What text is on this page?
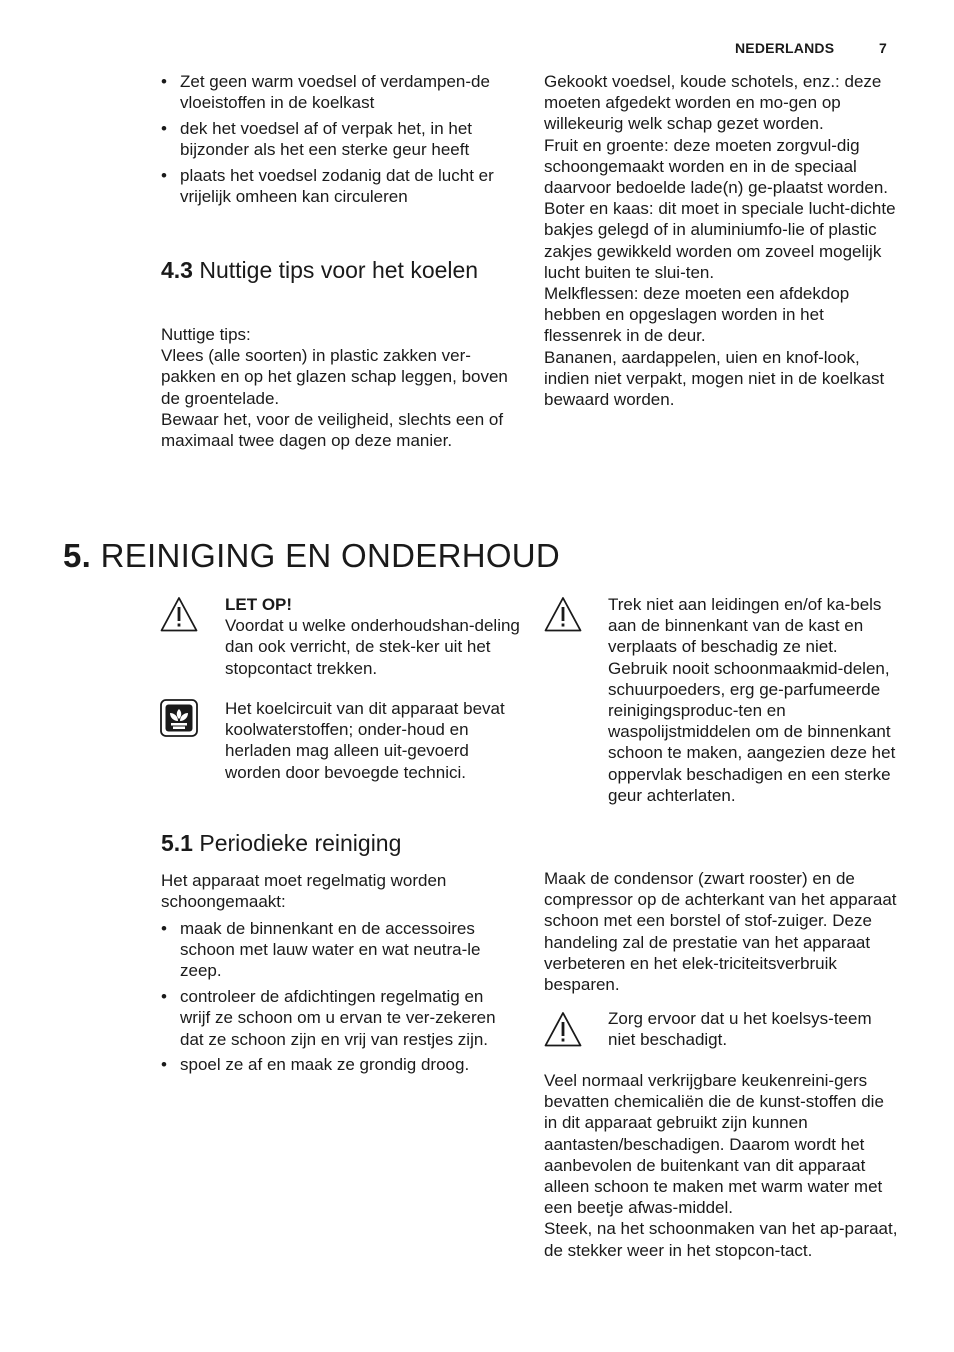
NEDERLANDS	7
• Zet geen warm voedsel of verdampen-de vloeistoffen in de koelkast
• dek het voedsel af of verpak het, in het bijzonder als het een sterke geur heeft
• plaats het voedsel zodanig dat de lucht er vrijelijk omheen kan circuleren
4.3 Nuttige tips voor het koelen

Nuttige tips:

Vlees (alle soorten) in plastic zakken ver-pakken en op het glazen schap leggen, boven de groentelade.

Bewaar het, voor de veiligheid, slechts een of maximaal twee dagen op deze manier.

Gekookt voedsel, koude schotels, enz.: deze moeten afgedekt worden en mo-gen op willekeurig welk schap gezet worden.

Fruit en groente: deze moeten zorgvul-dig schoongemaakt worden en in de speciaal daarvoor bedoelde lade(n) ge-plaatst worden.

Boter en kaas: dit moet in speciale lucht-dichte bakjes gelegd of in aluminiumfo-lie of plastic zakjes gewikkeld worden om zoveel mogelijk lucht buiten te slui-ten.

Melkflessen: deze moeten een afdekdop hebben en opgeslagen worden in het flessenrek in de deur.

Bananen, aardappelen, uien en knof-look, indien niet verpakt, mogen niet in de koelkast bewaard worden.

5. REINIGING EN ONDERHOUD

LET OP!

Voordat u welke onderhoudshan-deling dan ook verricht, de stek-ker uit het stopcontact trekken.

Het koelcircuit van dit apparaat bevat koolwaterstoffen; onder-houd en herladen mag alleen uit-gevoerd worden door bevoegde technici.

5.1 Periodieke reiniging

Het apparaat moet regelmatig worden schoongemaakt:

• maak de binnenkant en de accessoires schoon met lauw water en wat neutra-le zeep.
• controleer de afdichtingen regelmatig en wrijf ze schoon om u ervan te ver-zekeren dat ze schoon zijn en vrij van restjes zijn.
• spoel ze af en maak ze grondig droog.

Trek niet aan leidingen en/of ka-bels aan de binnenkant van de kast en verplaats of beschadig ze niet.

Gebruik nooit schoonmaakmid-delen, schuurpoeders, erg ge-parfumeerde reinigingsproduc-ten en waspolijstmiddelen om de binnenkant schoon te maken, aangezien deze het oppervlak beschadigen en een sterke geur achterlaten.

Maak de condensor (zwart rooster) en de compressor op de achterkant van het apparaat schoon met een borstel of stof-zuiger. Deze handeling zal de prestatie van het apparaat verbeteren en het elek-triciteitsverbruik besparen.

Zorg ervoor dat u het koelsys-teem niet beschadigt.

Veel normaal verkrijgbare keukenreini-gers bevatten chemicaliën die de kunst-stoffen die in dit apparaat gebruikt zijn kunnen aantasten/beschadigen. Daarom wordt het aanbevolen de buitenkant van dit apparaat alleen schoon te maken met warm water met een beetje afwas-middel.

Steek, na het schoonmaken van het ap-paraat, de stekker weer in het stopcon-tact.
